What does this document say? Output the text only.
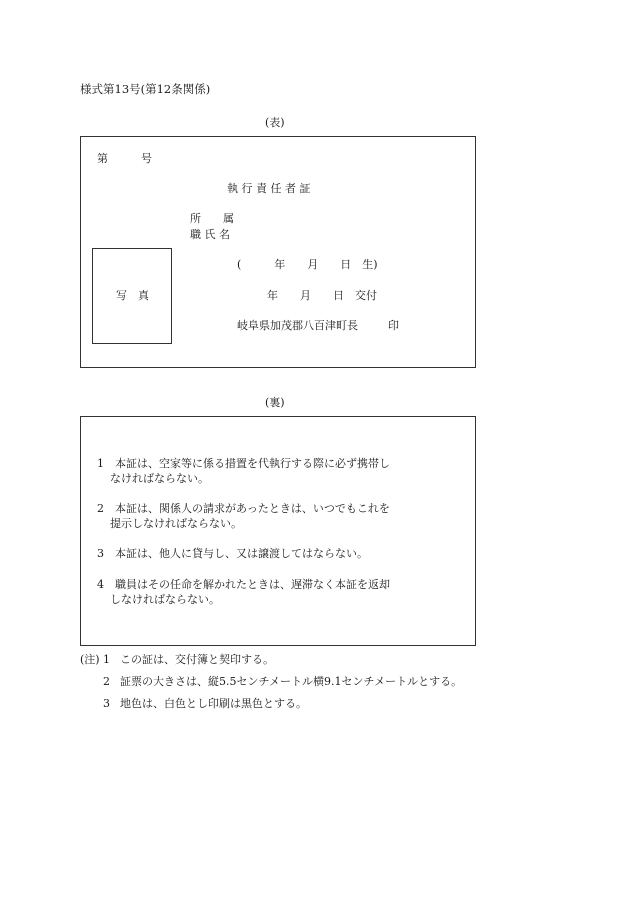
様式第13号(第12条関係)
(表)
第　　　号
執 行 責 任 者 証
所　　属
職 氏 名
写　真
(　　　年　　月　　日　生)
年　　月　　日　交付
岐阜県加茂郡八百津町長	印
(裏)
1 本証は、空家等に係る措置を代執行する際に必ず携帯し
なければならない。
2 本証は、関係人の請求があったときは、いつでもこれを
提示しなければならない。
3 本証は、他人に貸与し、又は譲渡してはならない。
4 職員はその任命を解かれたときは、遅滞なく本証を返却
しなければならない。
(注) 1 この証は、交付簿と契印する。
2 証票の大きさは、縦5.5センチメートル横9.1センチメートルとする。
3 地色は、白色とし印刷は黒色とする。
